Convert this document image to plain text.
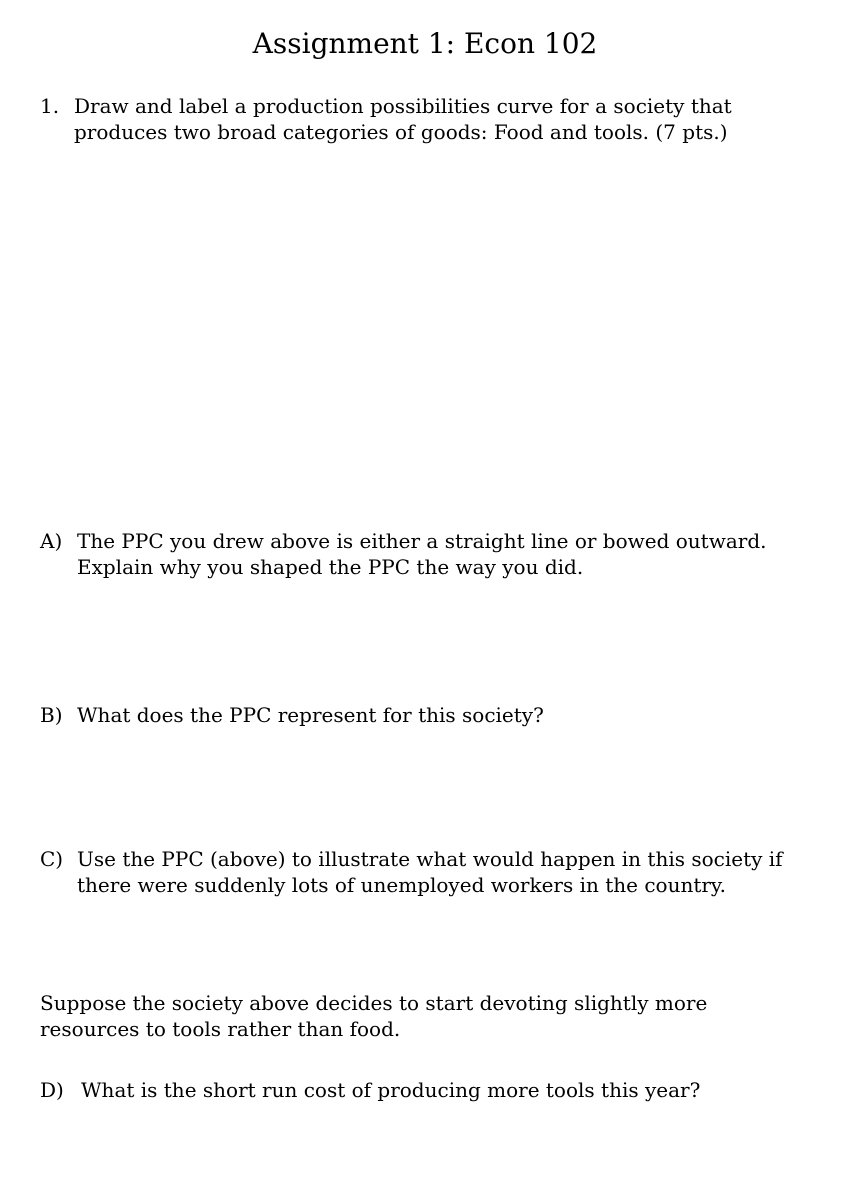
Assignment 1: Econ 102
1. Draw and label a production possibilities curve for a society that produces two broad categories of goods: Food and tools. (7 pts.)
A) The PPC you drew above is either a straight line or bowed outward. Explain why you shaped the PPC the way you did.
B) What does the PPC represent for this society?
C) Use the PPC (above) to illustrate what would happen in this society if there were suddenly lots of unemployed workers in the country.
Suppose the society above decides to start devoting slightly more resources to tools rather than food.
D) What is the short run cost of producing more tools this year?
